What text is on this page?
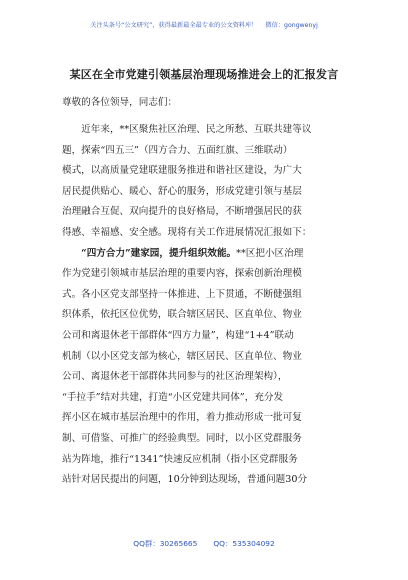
关注头条号“公文研究”，获得最新最全最专业的公文资料库！ 微信：gongwenyj
某区在全市党建引领基层治理现场推进会上的汇报发言
尊敬的各位领导，同志们：
　　近年来，**区聚焦社区治理、民之所愁、互联共建等议
题，探索“四五三”（四方合力、五面红旗、三维联动）
模式，以高质量党建联建服务推进和谐社区建设，为广大
居民提供贴心、暖心、舒心的服务，形成党建引领与基层
治理融合互促、双向提升的良好格局，不断增强居民的获
得感、幸福感、安全感。现将有关工作进展情况汇报如下：
　　“四方合力”建家园，提升组织效能。**区把小区治理
作为党建引领城市基层治理的重要内容，探索创新治理模
式。各小区党支部坚持一体推进、上下贯通，不断健强组
织体系，依托区位优势，联合辖区居民、区直单位、物业
公司和离退休老干部群体“四方力量”，构建“1+4”联动
机制（以小区党支部为核心，辖区居民、区直单位、物业
公司、离退休老干部群体共同参与的社区治理架构），
“手拉手”结对共建，打造“小区党建共同体”，充分发
挥小区在城市基层治理中的作用，着力推动形成一批可复
制、可借鉴、可推广的经验典型。同时，以小区党群服务
站为阵地，推行“1341”快速反应机制（指小区党群服务
站针对居民提出的问题，10分钟到达现场，普通问题30分
QQ群：30265665 QQ：535304092
